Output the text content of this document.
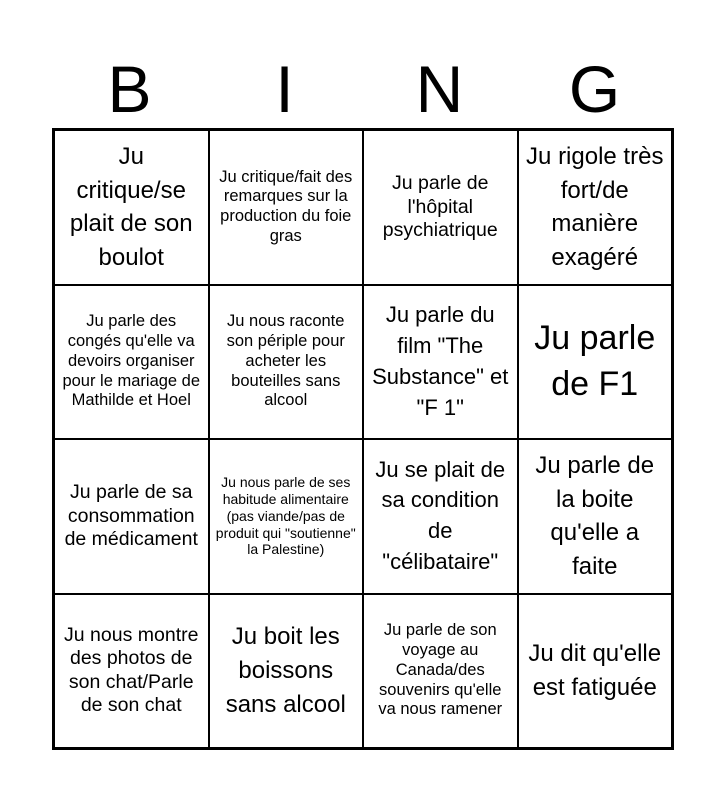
B	I	N	G
Ju critique/se plait de son boulot
Ju critique/fait des remarques sur la production du foie gras
Ju parle de l'hôpital psychiatrique
Ju rigole très fort/de manière exagéré
Ju parle des congés qu'elle va devoirs organiser pour le mariage de Mathilde et Hoel
Ju nous raconte son périple pour acheter les bouteilles sans alcool
Ju parle du film "The Substance" et "F 1"
Ju parle de F1
Ju parle de sa consommation de médicament
Ju nous parle de ses habitude alimentaire (pas viande/pas de produit qui "soutienne" la Palestine)
Ju se plait de sa condition de "célibataire"
Ju parle de la boite qu'elle a faite
Ju nous montre des photos de son chat/Parle de son chat
Ju boit les boissons sans alcool
Ju parle de son voyage au Canada/des souvenirs qu'elle va nous ramener
Ju dit qu'elle est fatiguée
